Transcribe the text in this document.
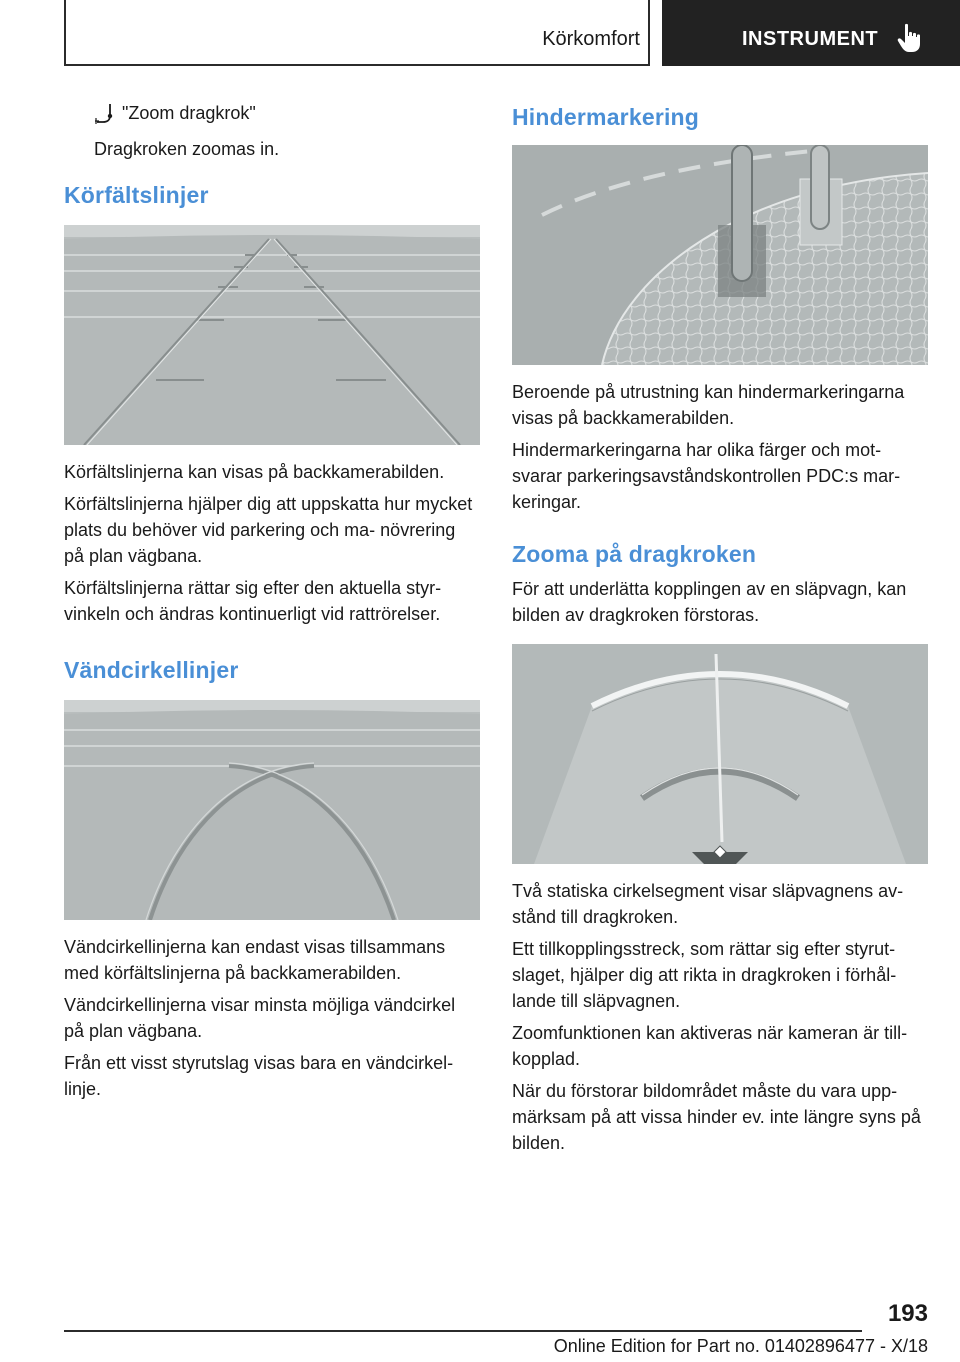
Körkomfort	INSTRUMENT
"Zoom dragkrok"

Dragkroken zoomas in.

Körfältslinjer

Körfältslinjerna kan visas på backkamerabilden.

Körfältslinjerna hjälper dig att uppskatta hur mycket plats du behöver vid parkering och ma- növrering på plan vägbana.

Körfältslinjerna rättar sig efter den aktuella styr- vinkeln och ändras kontinuerligt vid rattrörelser.

Vändcirkellinjer

Vändcirkellinjerna kan endast visas tillsammans med körfältslinjerna på backkamerabilden.

Vändcirkellinjerna visar minsta möjliga vändcirkel på plan vägbana.

Från ett visst styrutslag visas bara en vändcirkel- linje.

Hindermarkering

Beroende på utrustning kan hindermarkeringarna visas på backkamerabilden.

Hindermarkeringarna har olika färger och mot- svarar parkeringsavståndskontrollen PDC:s mar- keringar.

Zooma på dragkroken

För att underlätta kopplingen av en släpvagn, kan bilden av dragkroken förstoras.

Två statiska cirkelsegment visar släpvagnens av- stånd till dragkroken.

Ett tillkopplingsstreck, som rättar sig efter styrut- slaget, hjälper dig att rikta in dragkroken i förhål- lande till släpvagnen.

Zoomfunktionen kan aktiveras när kameran är till- kopplad.

När du förstorar bildområdet måste du vara upp- märksam på att vissa hinder ev. inte längre syns på bilden.

193
Online Edition for Part no. 01402896477 - X/18
